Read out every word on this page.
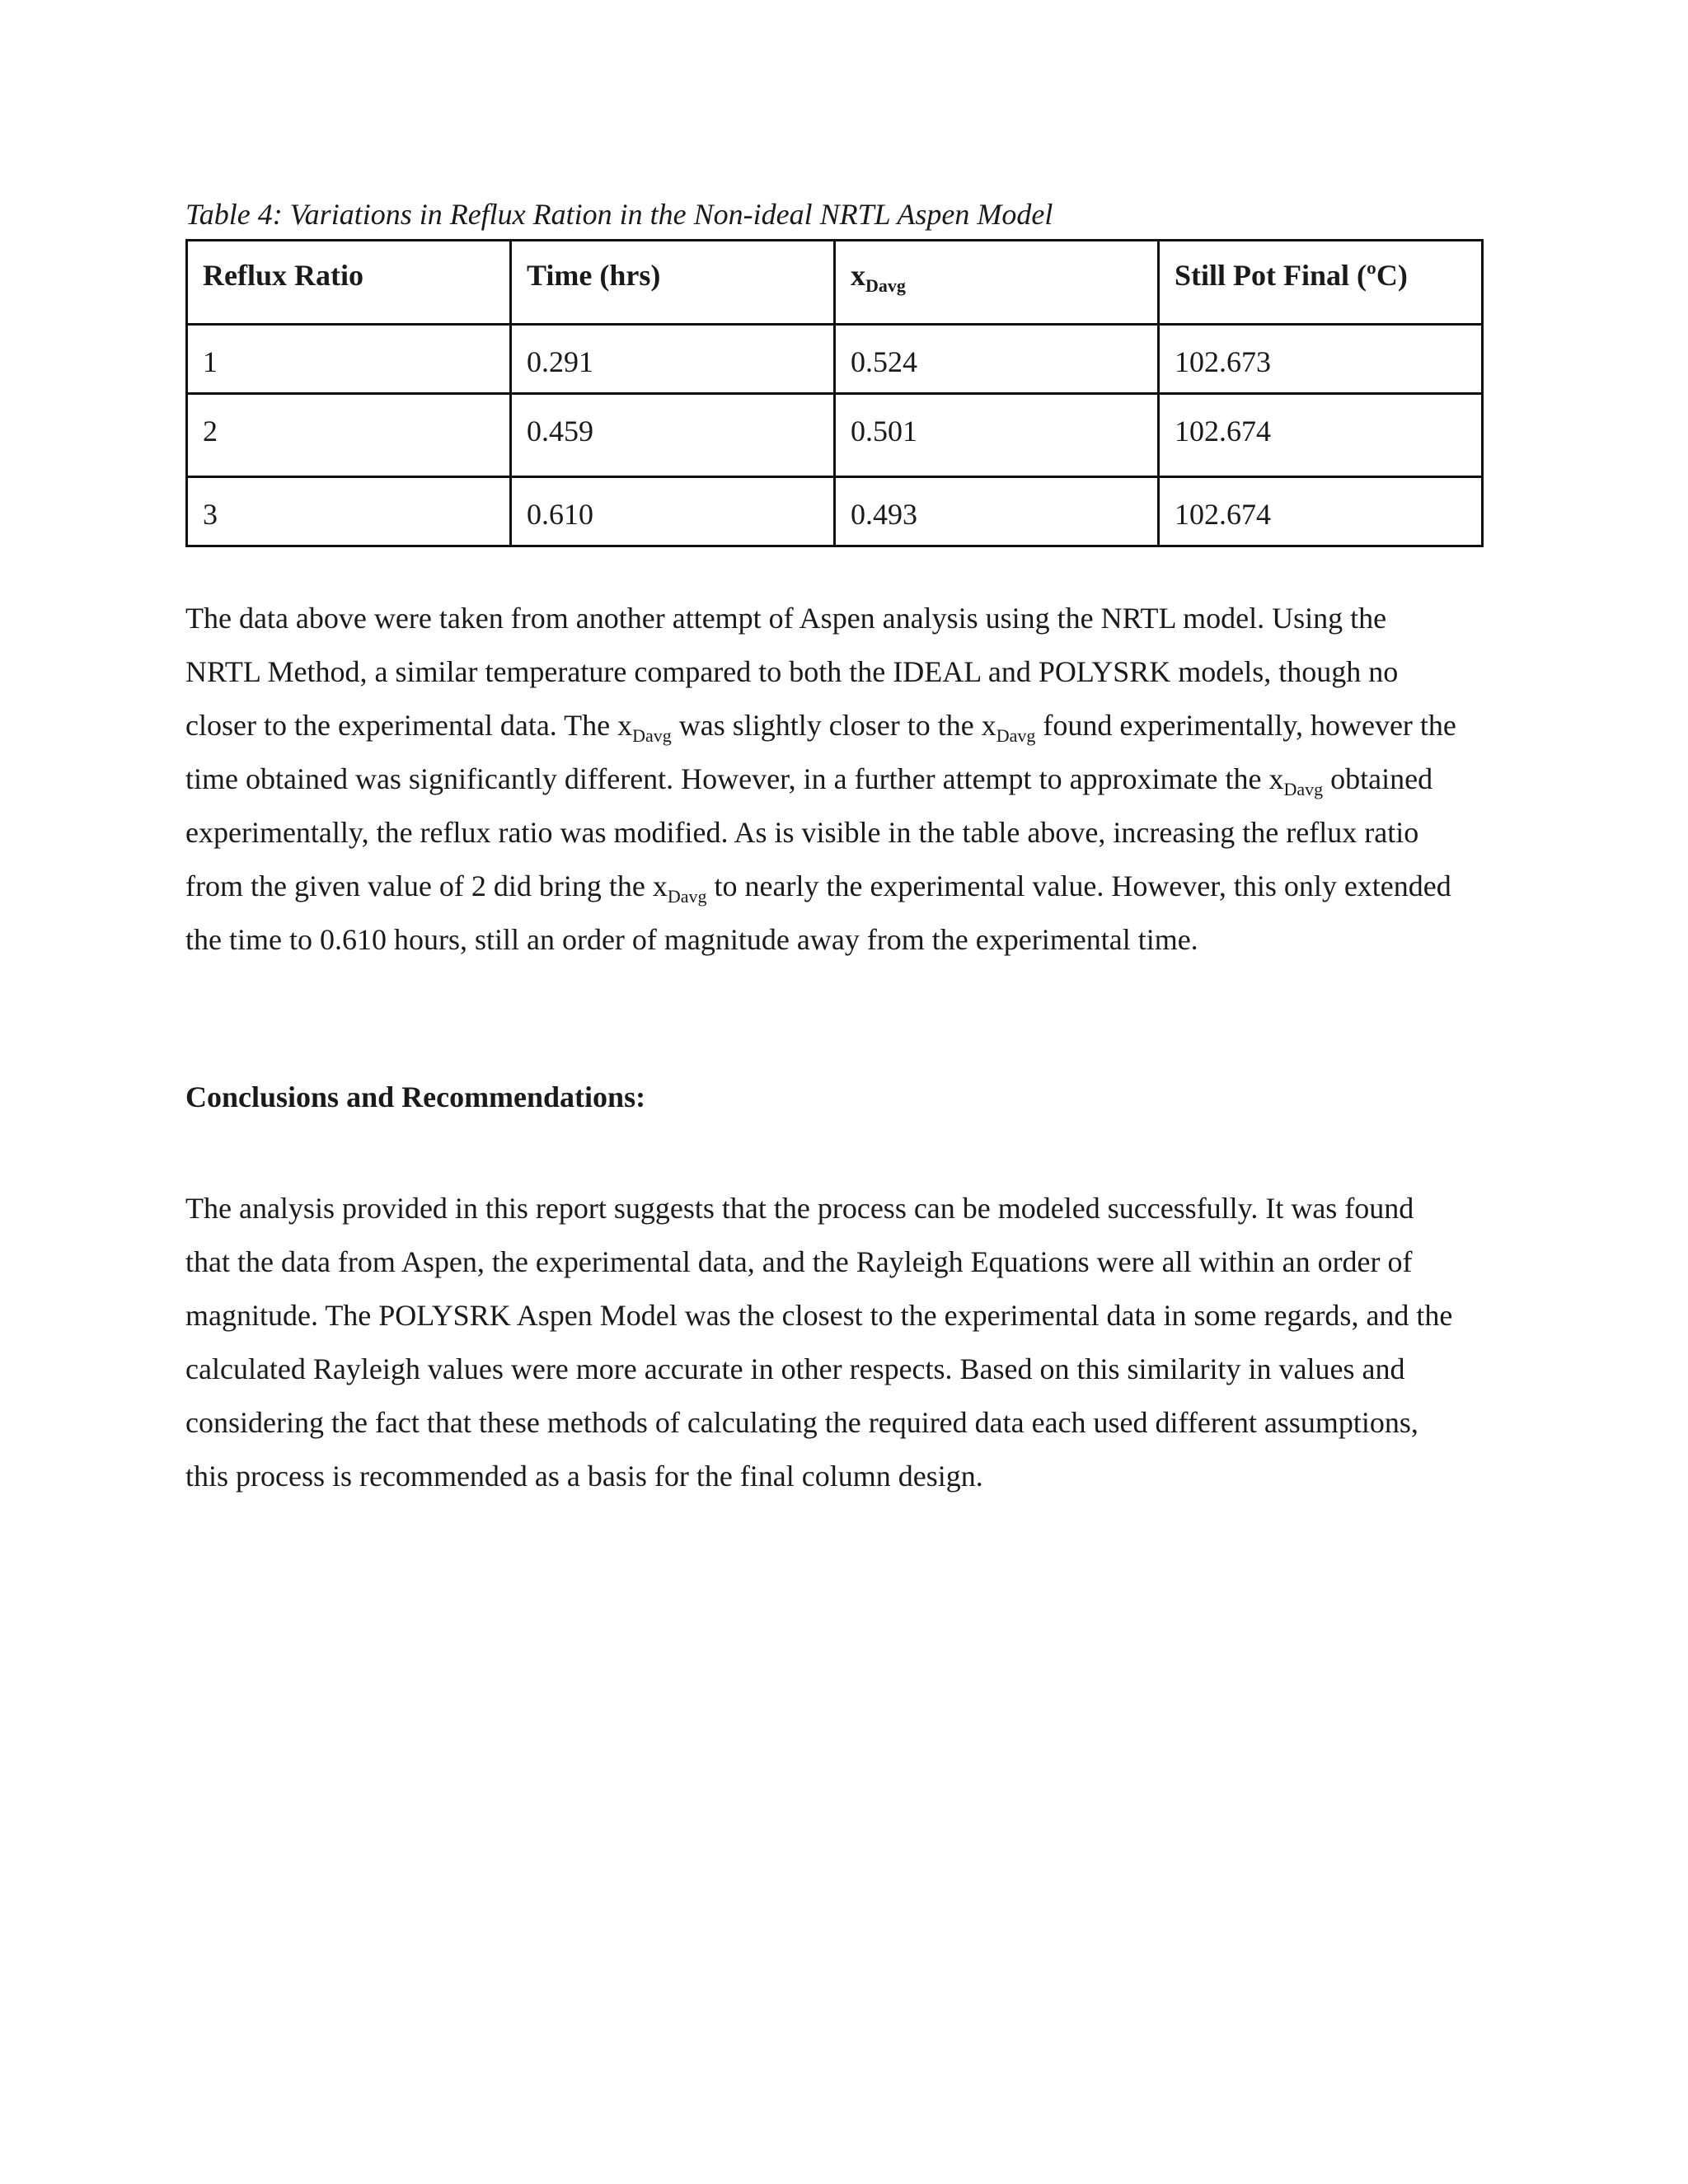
Table 4: Variations in Reflux Ration in the Non-ideal NRTL Aspen Model

Reflux Ratio	Time (hrs)	$x_{Davg}$	Still Pot Final (ºC)
1	0.291	0.524	102.673
2	0.459	0.501	102.674
3	0.610	0.493	102.674

The data above were taken from another attempt of Aspen analysis using the NRTL model. Using the
NRTL Method, a similar temperature compared to both the IDEAL and POLYSRK models, though no
closer to the experimental data. The $x_{Davg}$ was slightly closer to the $x_{Davg}$ found experimentally, however the
time obtained was significantly different. However, in a further attempt to approximate the $x_{Davg}$ obtained
experimentally, the reflux ratio was modified. As is visible in the table above, increasing the reflux ratio
from the given value of 2 did bring the $x_{Davg}$ to nearly the experimental value. However, this only extended
the time to 0.610 hours, still an order of magnitude away from the experimental time.

Conclusions and Recommendations:

The analysis provided in this report suggests that the process can be modeled successfully. It was found
that the data from Aspen, the experimental data, and the Rayleigh Equations were all within an order of
magnitude. The POLYSRK Aspen Model was the closest to the experimental data in some regards, and the
calculated Rayleigh values were more accurate in other respects. Based on this similarity in values and
considering the fact that these methods of calculating the required data each used different assumptions,
this process is recommended as a basis for the final column design.
